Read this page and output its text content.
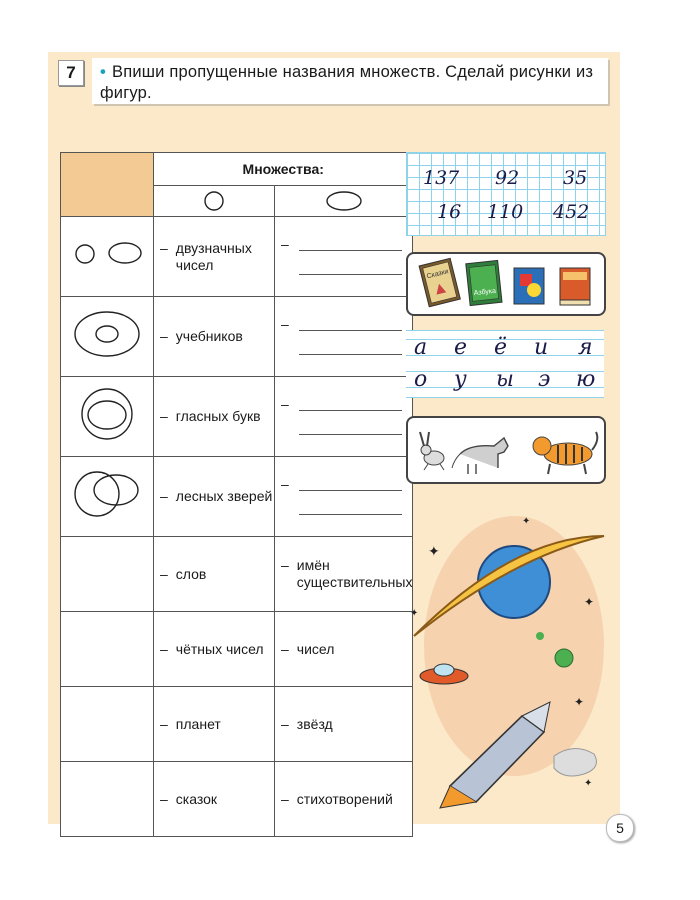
7	• Впиши пропущенные названия множеств. Сделай рисунки из фигур.
	Множества:	

– двузначных чисел	–

– учебников	–

– гласных букв	–

– лесных зверей	–

	– слов	– имён существительных

	– чётных чисел	– чисел

	– планет	– звёзд

	– сказок	– стихотворений
137 92 35
16 110 452
Сказки
Азбука
а е ё и я
о у ы э ю
✦
✦
✦
✦
✦
✦
5
